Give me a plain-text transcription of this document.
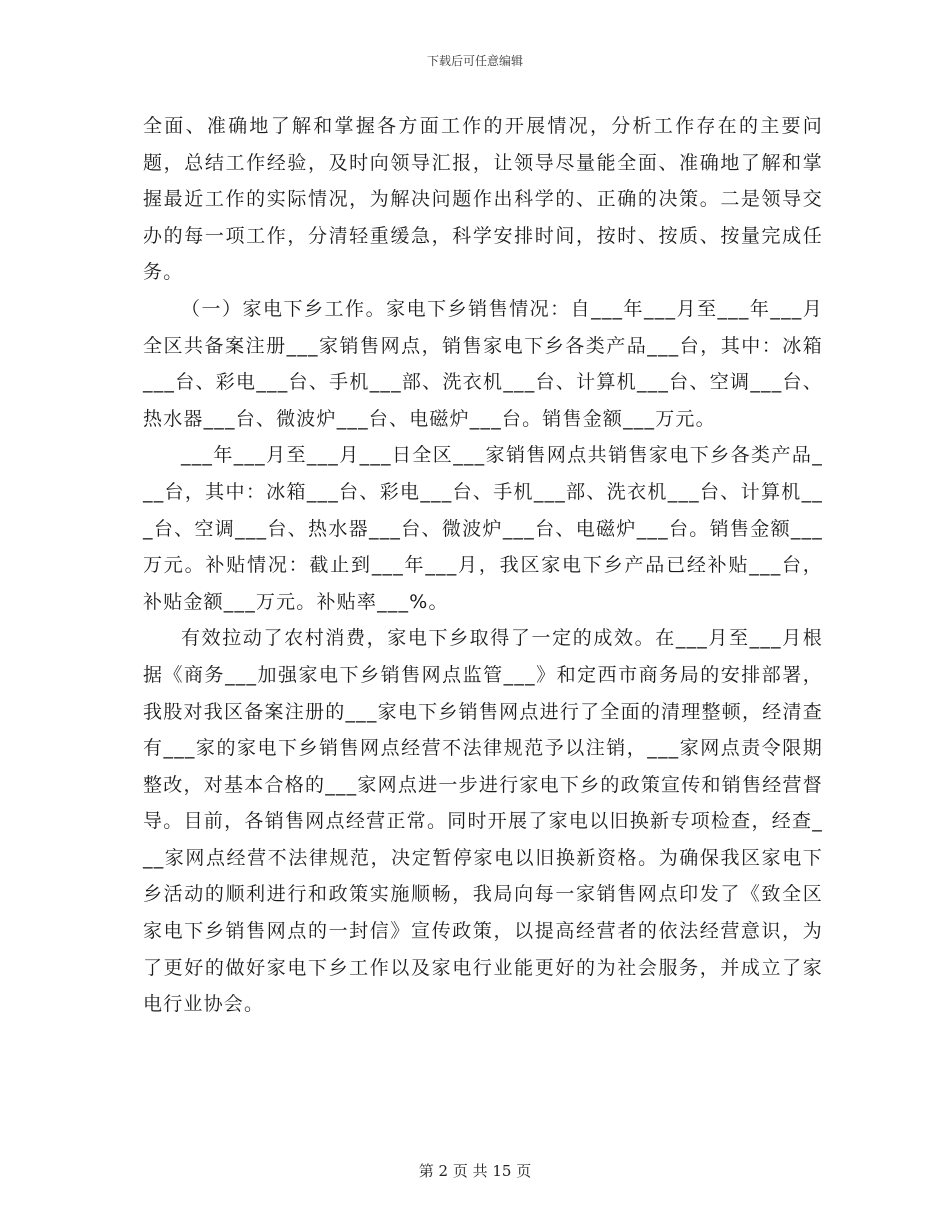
下载后可任意编辑

全面、准确地了解和掌握各方面工作的开展情况，分析工作存在的主要问题，总结工作经验，及时向领导汇报，让领导尽量能全面、准确地了解和掌握最近工作的实际情况，为解决问题作出科学的、正确的决策。二是领导交办的每一项工作，分清轻重缓急，科学安排时间，按时、按质、按量完成任务。

（一）家电下乡工作。家电下乡销售情况：自___年___月至___年___月全区共备案注册___家销售网点，销售家电下乡各类产品___台，其中：冰箱___台、彩电___台、手机___部、洗衣机___台、计算机___台、空调___台、热水器___台、微波炉___台、电磁炉___台。销售金额___万元。

___年___月至___月___日全区___家销售网点共销售家电下乡各类产品___台，其中：冰箱___台、彩电___台、手机___部、洗衣机___台、计算机___台、空调___台、热水器___台、微波炉___台、电磁炉___台。销售金额___万元。补贴情况：截止到___年___月，我区家电下乡产品已经补贴___台，补贴金额___万元。补贴率___%。

有效拉动了农村消费，家电下乡取得了一定的成效。在___月至___月根据《商务___加强家电下乡销售网点监管___》和定西市商务局的安排部署，我股对我区备案注册的___家电下乡销售网点进行了全面的清理整顿，经清查有___家的家电下乡销售网点经营不法律规范予以注销，___家网点责令限期整改，对基本合格的___家网点进一步进行家电下乡的政策宣传和销售经营督导。目前，各销售网点经营正常。同时开展了家电以旧换新专项检查，经查___家网点经营不法律规范，决定暂停家电以旧换新资格。为确保我区家电下乡活动的顺利进行和政策实施顺畅，我局向每一家销售网点印发了《致全区家电下乡销售网点的一封信》宣传政策，以提高经营者的依法经营意识，为了更好的做好家电下乡工作以及家电行业能更好的为社会服务，并成立了家电行业协会。

第 2 页 共 15 页
